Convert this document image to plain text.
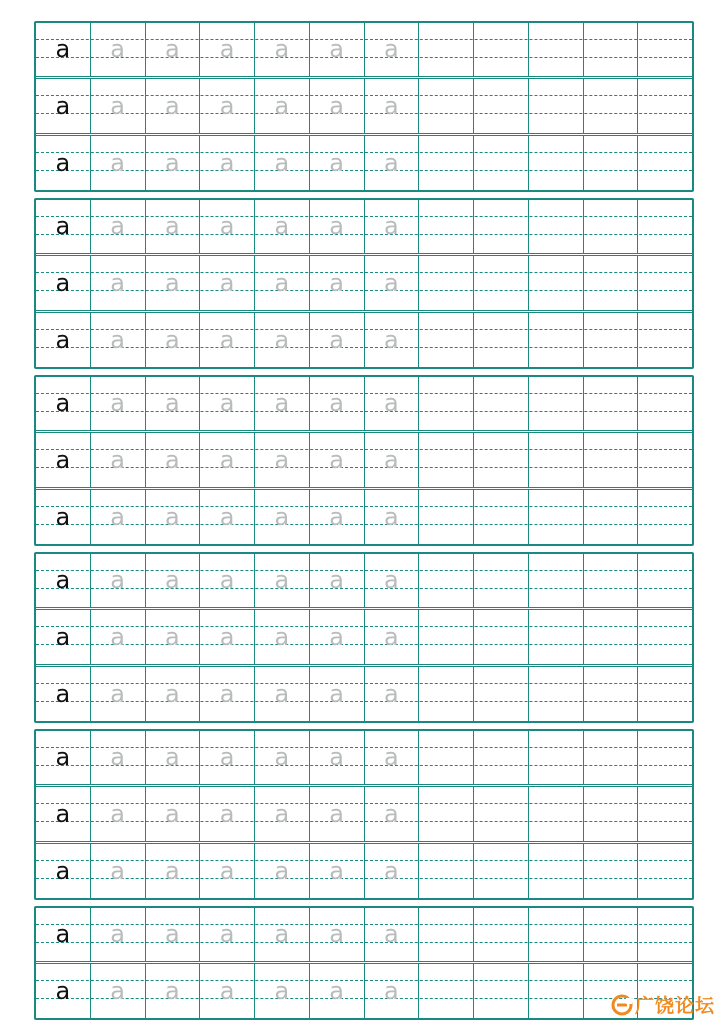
a a a a a a a
a a a a a a a
a a a a a a a
a a a a a a a
a a a a a a a
a a a a a a a
a a a a a a a
a a a a a a a
a a a a a a a
a a a a a a a
a a a a a a a
a a a a a a a
a a a a a a a
a a a a a a a
a a a a a a a
a a a a a a a
a a a a a a a
广饶论坛
